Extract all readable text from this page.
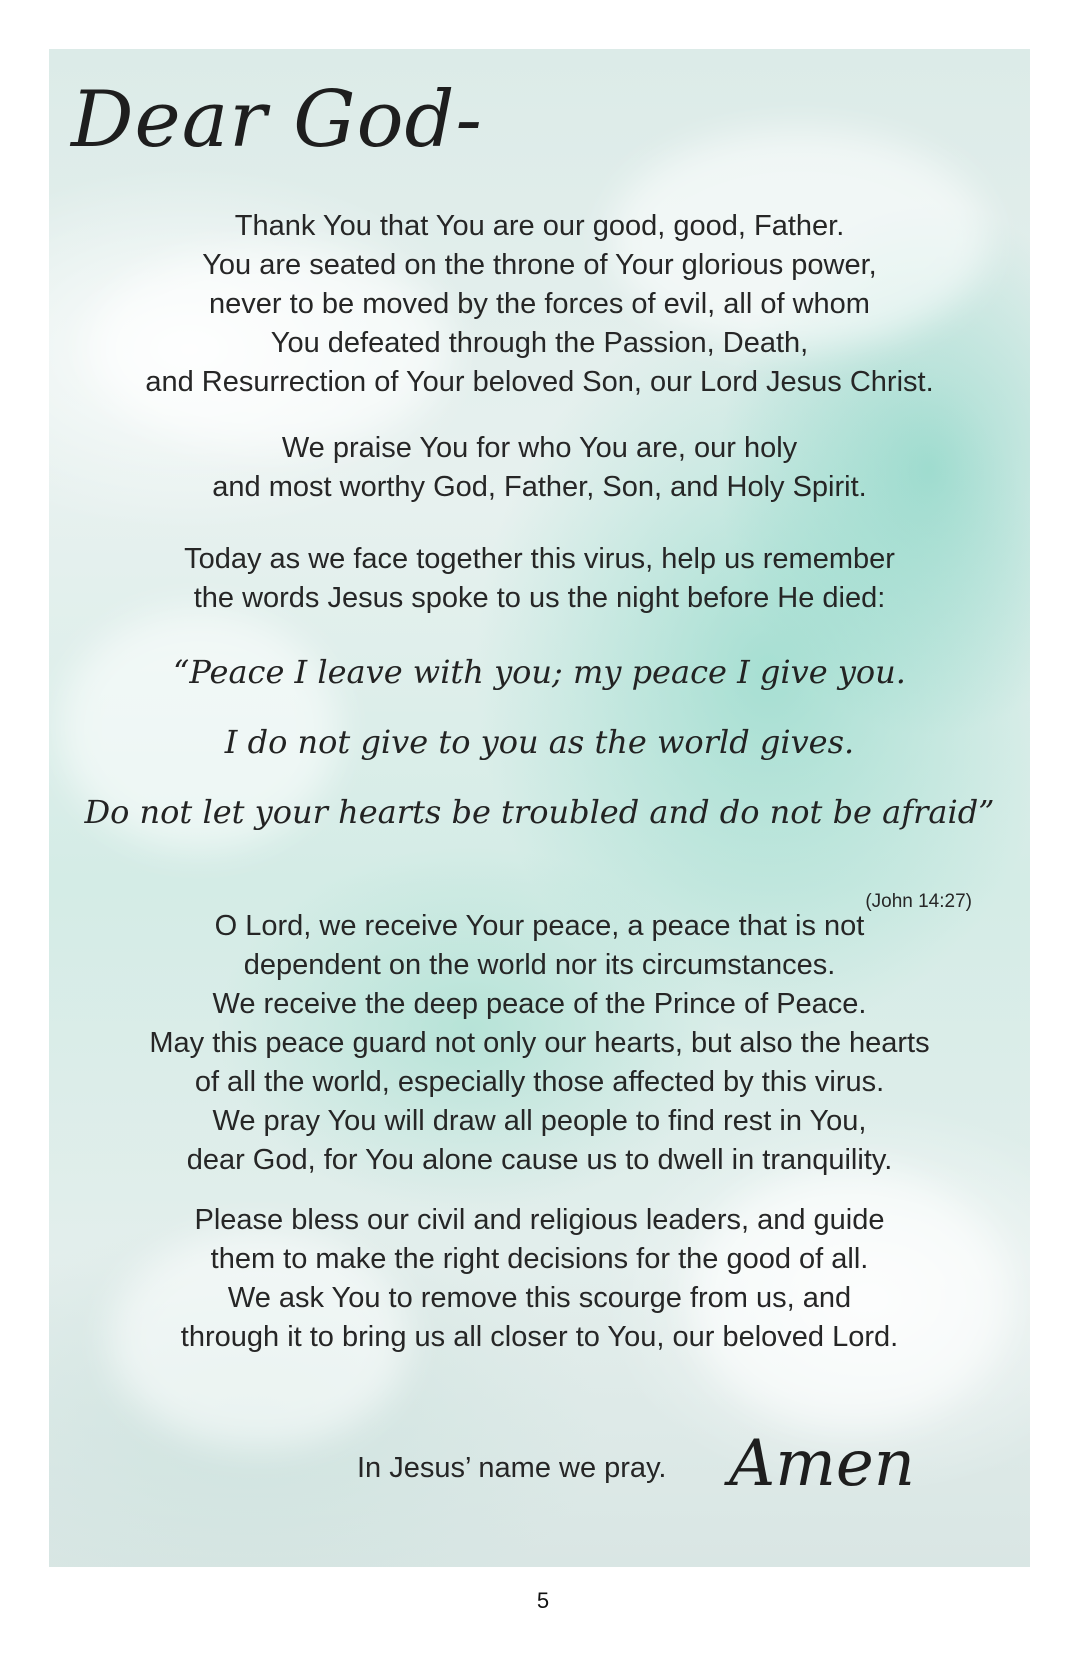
Dear God-
Thank You that You are our good, good, Father.
You are seated on the throne of Your glorious power,
never to be moved by the forces of evil, all of whom
You defeated through the Passion, Death,
and Resurrection of Your beloved Son, our Lord Jesus Christ.
We praise You for who You are, our holy
and most worthy God, Father, Son, and Holy Spirit.
Today as we face together this virus, help us remember
the words Jesus spoke to us the night before He died:
“Peace I leave with you; my peace I give you.
I do not give to you as the world gives.
Do not let your hearts be troubled and do not be afraid”

(John 14:27)

O Lord, we receive Your peace, a peace that is not
dependent on the world nor its circumstances.
We receive the deep peace of the Prince of Peace.
May this peace guard not only our hearts, but also the hearts
of all the world, especially those affected by this virus.
We pray You will draw all people to find rest in You,
dear God, for You alone cause us to dwell in tranquility.
Please bless our civil and religious leaders, and guide
them to make the right decisions for the good of all.
We ask You to remove this scourge from us, and
through it to bring us all closer to You, our beloved Lord.

In Jesus’ name we pray. Amen

5
